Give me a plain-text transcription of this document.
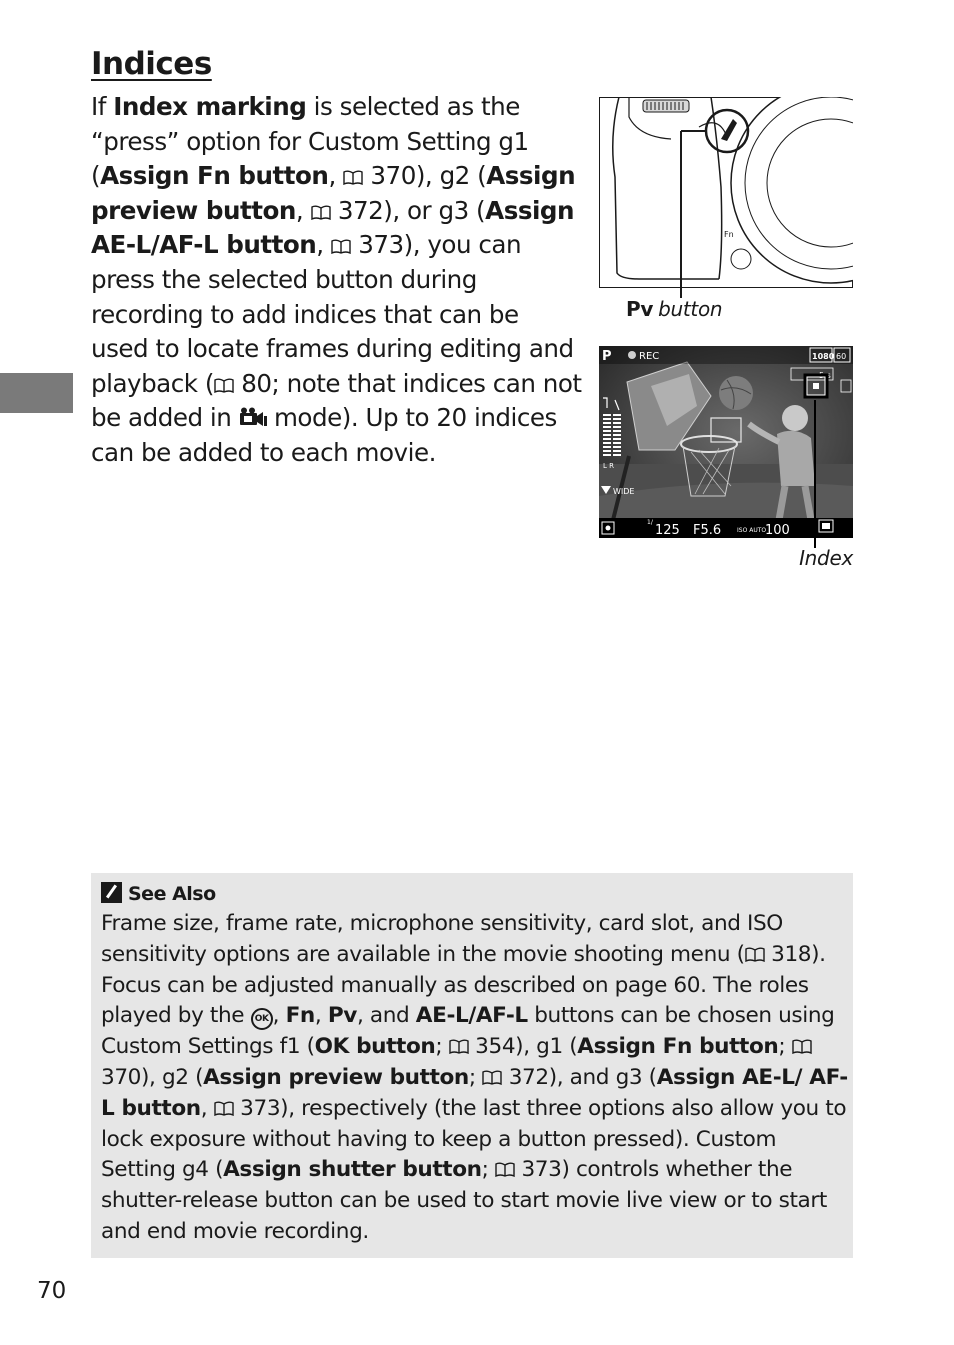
Indices

If Index marking is selected as the “press” option for Custom Setting g1 (Assign Fn button,  370), g2 (Assign preview button,  372), or g3 (Assign AE-L/AF-L button,  373), you can press the selected button during recording to add indices that can be used to locate frames during editing and playback ( 80; note that indices can not be added in  mode). Up to 20 indices can be added to each movie.

Fn
Pv button
P	REC	1080 60
5 s
L R
WIDE
1/
125 F5.6	ISO AUTO
100
Index
See Also

Frame size, frame rate, microphone sensitivity, card slot, and ISO sensitivity options are available in the movie shooting menu ( 318). Focus can be adjusted manually as described on page 60. The roles played by the OK , Fn, Pv, and AE-L/AF-L buttons can be chosen using Custom Settings f1 (OK button;  354), g1 (Assign Fn button;  370), g2 (Assign preview button;  372), and g3 (Assign AE-L/ AF-L button,  373), respectively (the last three options also allow you to lock exposure without having to keep a button pressed). Custom Setting g4 (Assign shutter button;  373) controls whether the shutter-release button can be used to start movie live view or to start and end movie recording.

70
